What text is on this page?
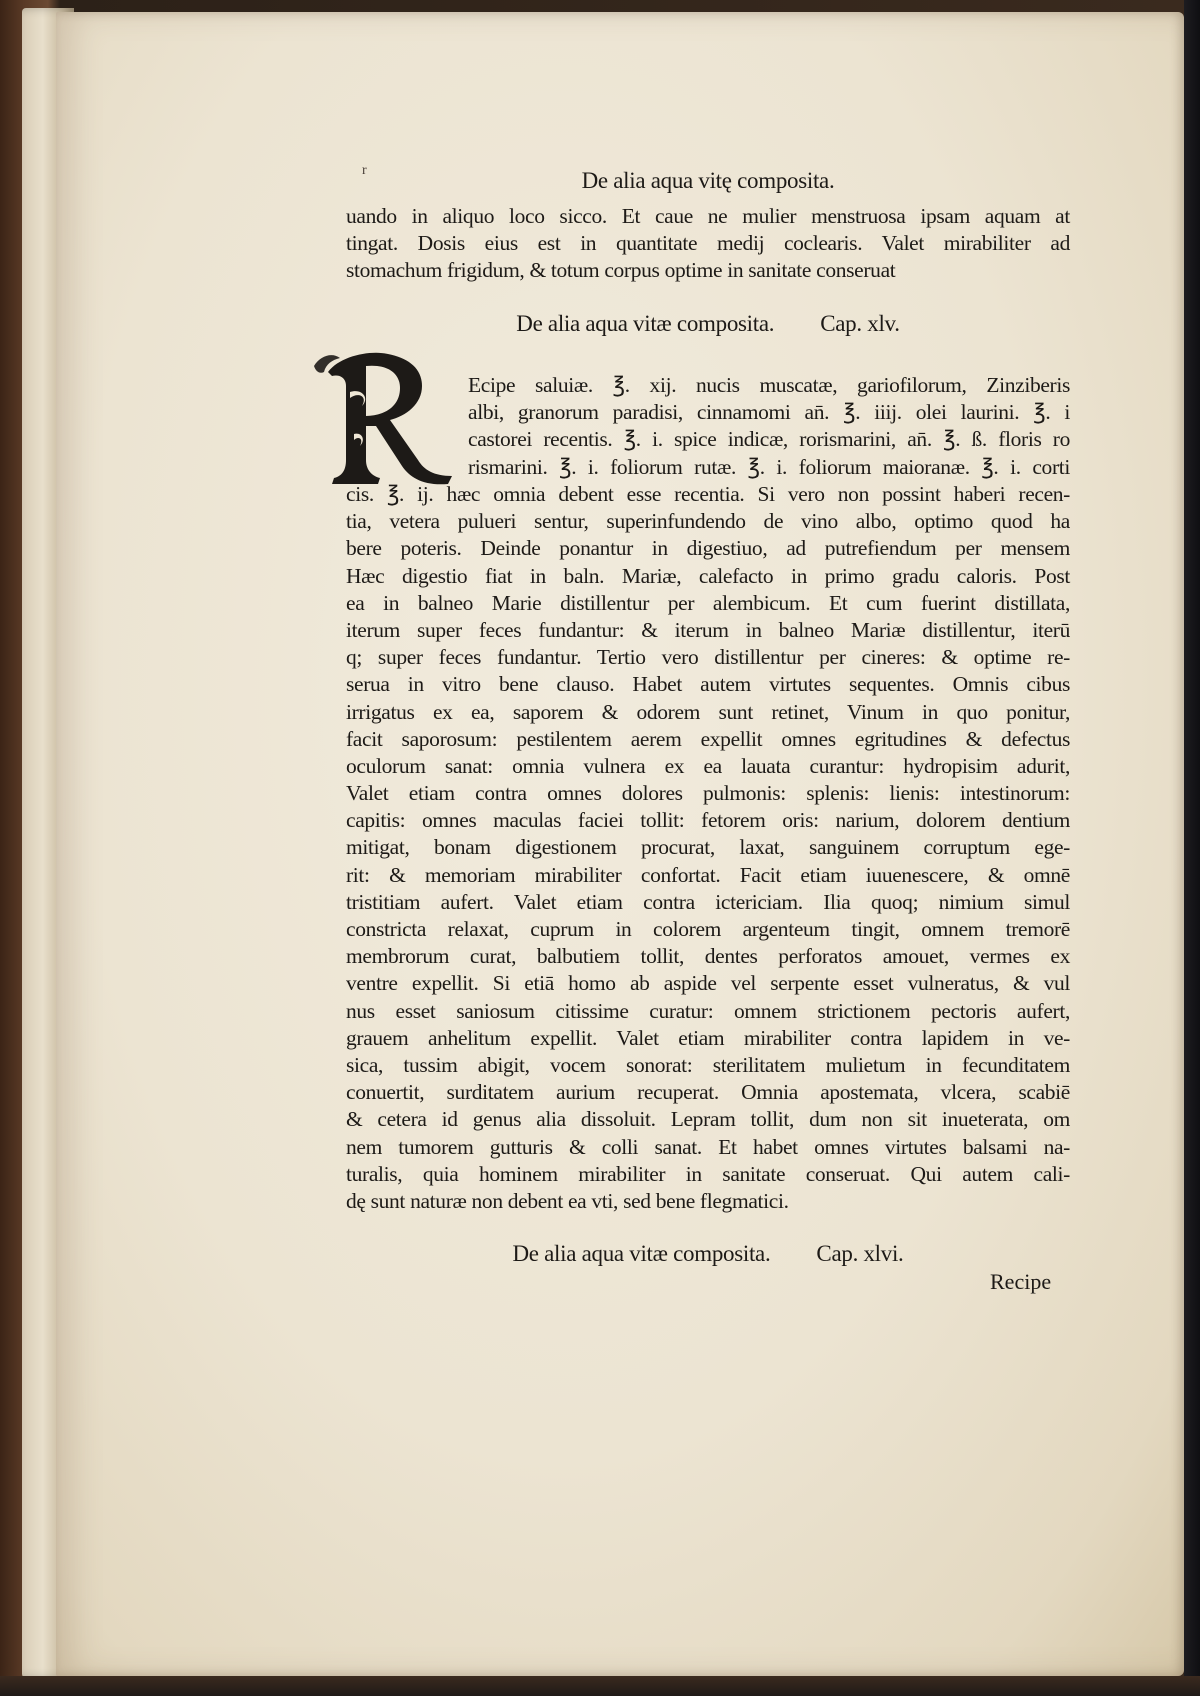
r	De alia aqua vitę composita.
uando in aliquo loco sicco. Et caue ne mulier menstruosa ipsam aquam at
tingat. Dosis eius est in quantitate medij coclearis. Valet mirabiliter ad
stomachum frigidum, & totum corpus optime in sanitate conseruat
De alia aqua vitæ composita. Cap. xlv.
R
Ecipe saluiæ. ℥. xij. nucis muscatæ, gariofilorum, Zinziberis
albi, granorum paradisi, cinnamomi an̄. ℥. iiij. olei laurini. ℥. i
castorei recentis. ℥. i. spice indicæ, rorismarini, an̄. ℥. ß. floris ro
rismarini. ℥. i. foliorum rutæ. ℥. i. foliorum maioranæ. ℥. i. corti
cis. ℥. ij. hæc omnia debent esse recentia. Si vero non possint haberi recen-
tia, vetera pulueri sentur, superinfundendo de vino albo, optimo quod ha
bere poteris. Deinde ponantur in digestiuo, ad putrefiendum per mensem
Hæc digestio fiat in baln. Mariæ, calefacto in primo gradu caloris. Post
ea in balneo Marie distillentur per alembicum. Et cum fuerint distillata,
iterum super feces fundantur: & iterum in balneo Mariæ distillentur, iterū
q; super feces fundantur. Tertio vero distillentur per cineres: & optime re-
serua in vitro bene clauso. Habet autem virtutes sequentes. Omnis cibus
irrigatus ex ea, saporem & odorem sunt retinet, Vinum in quo ponitur,
facit saporosum: pestilentem aerem expellit omnes egritudines & defectus
oculorum sanat: omnia vulnera ex ea lauata curantur: hydropisim adurit,
Valet etiam contra omnes dolores pulmonis: splenis: lienis: intestinorum:
capitis: omnes maculas faciei tollit: fetorem oris: narium, dolorem dentium
mitigat, bonam digestionem procurat, laxat, sanguinem corruptum ege-
rit: & memoriam mirabiliter confortat. Facit etiam iuuenescere, & omnē
tristitiam aufert. Valet etiam contra ictericiam. Ilia quoq; nimium simul
constricta relaxat, cuprum in colorem argenteum tingit, omnem tremorē
membrorum curat, balbutiem tollit, dentes perforatos amouet, vermes ex
ventre expellit. Si etiā homo ab aspide vel serpente esset vulneratus, & vul
nus esset saniosum citissime curatur: omnem strictionem pectoris aufert,
grauem anhelitum expellit. Valet etiam mirabiliter contra lapidem in ve-
sica, tussim abigit, vocem sonorat: sterilitatem mulietum in fecunditatem
conuertit, surditatem aurium recuperat. Omnia apostemata, vlcera, scabiē
& cetera id genus alia dissoluit. Lepram tollit, dum non sit inueterata, om
nem tumorem gutturis & colli sanat. Et habet omnes virtutes balsami na-
turalis, quia hominem mirabiliter in sanitate conseruat. Qui autem cali-
dę sunt naturæ non debent ea vti, sed bene flegmatici.
De alia aqua vitæ composita. Cap. xlvi.
Recipe
